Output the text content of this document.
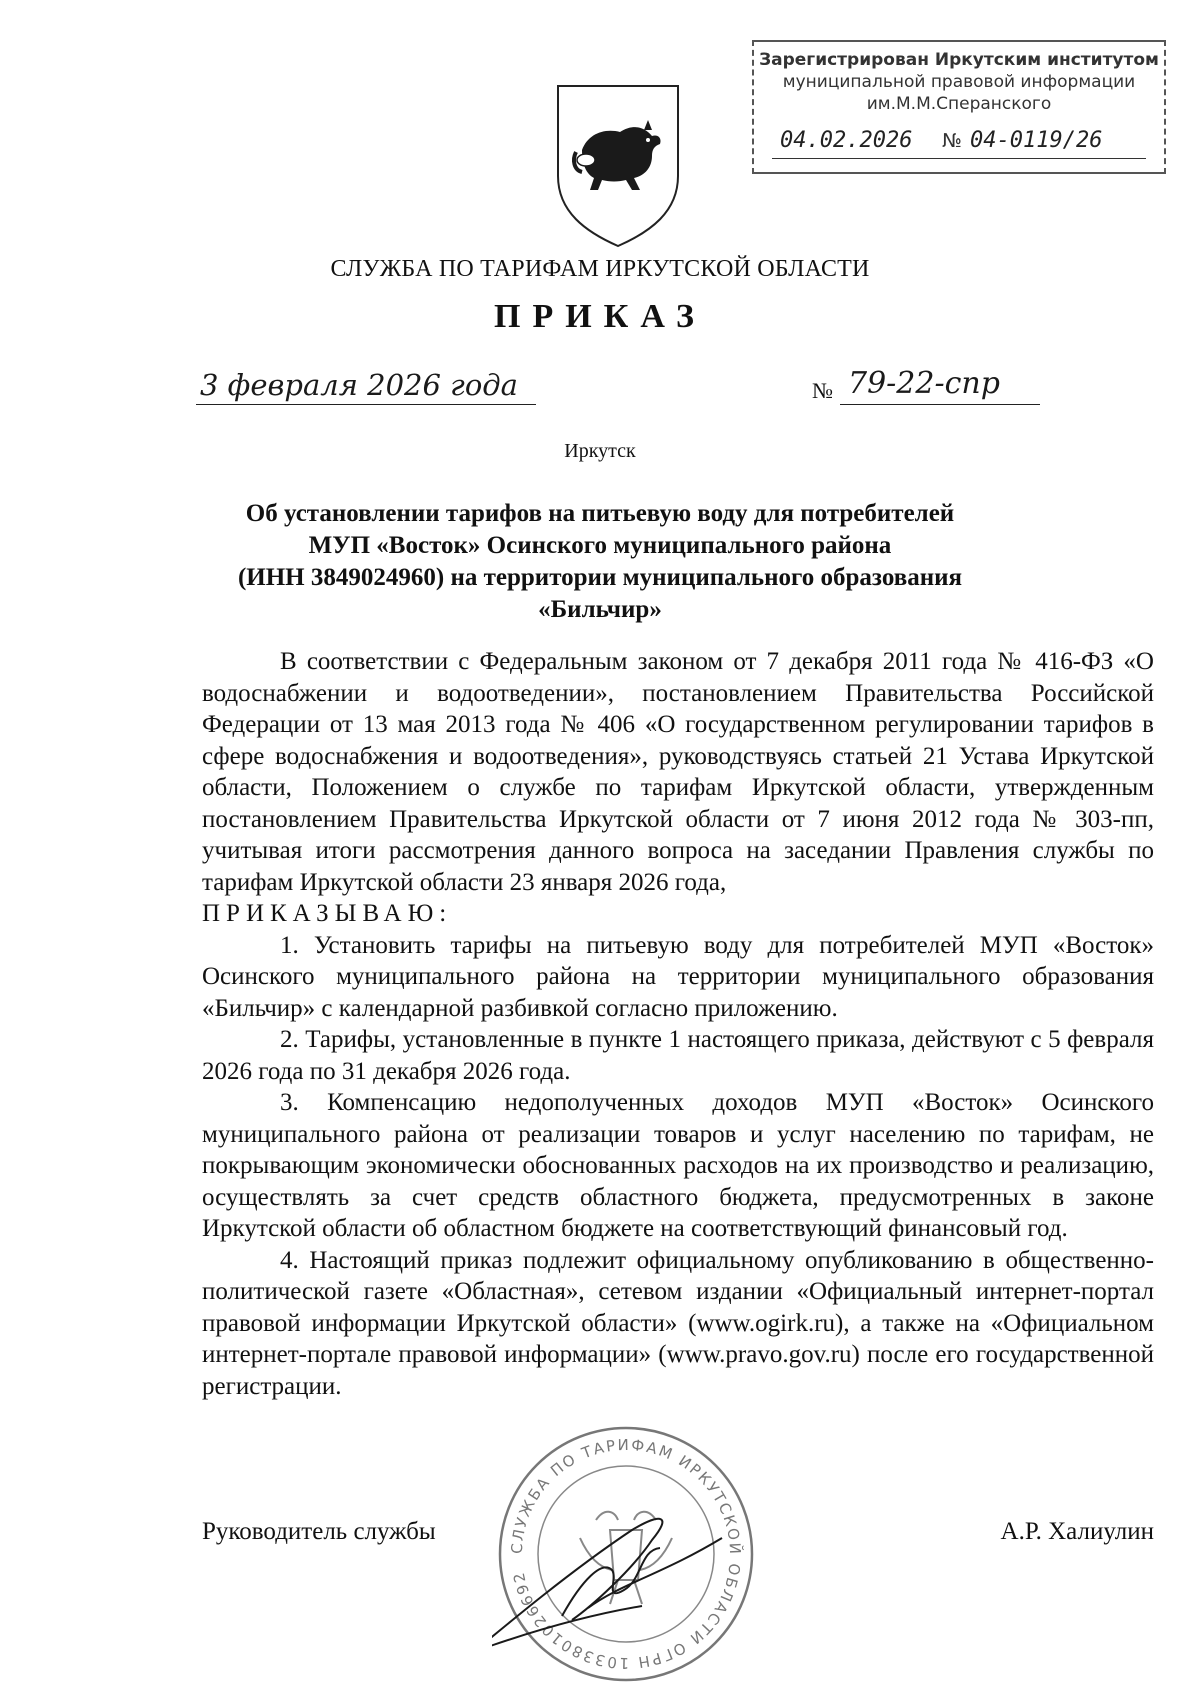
Зарегистрирован Иркутским институтом
муниципальной правовой информации
им.М.М.Сперанского
04.02.2026 № 04-0119/26
СЛУЖБА ПО ТАРИФАМ ИРКУТСКОЙ ОБЛАСТИ
ПРИКАЗ
3 февраля 2026 года	№ 79-22-спр
Иркутск
Об установлении тарифов на питьевую воду для потребителей
МУП «Восток» Осинского муниципального района
(ИНН 3849024960) на территории муниципального образования
«Бильчир»

В соответствии с Федеральным законом от 7 декабря 2011 года № 416-ФЗ «О водоснабжении и водоотведении», постановлением Правительства Российской Федерации от 13 мая 2013 года № 406 «О государственном регулировании тарифов в сфере водоснабжения и водоотведения», руководствуясь статьей 21 Устава Иркутской области, Положением о службе по тарифам Иркутской области, утвержденным постановлением Правительства Иркутской области от 7 июня 2012 года № 303-пп, учитывая итоги рассмотрения данного вопроса на заседании Правления службы по тарифам Иркутской области 23 января 2026 года,

ПРИКАЗЫВАЮ:

1. Установить тарифы на питьевую воду для потребителей МУП «Восток» Осинского муниципального района на территории муниципального образования «Бильчир» с календарной разбивкой согласно приложению.

2. Тарифы, установленные в пункте 1 настоящего приказа, действуют с 5 февраля 2026 года по 31 декабря 2026 года.

3. Компенсацию недополученных доходов МУП «Восток» Осинского муниципального района от реализации товаров и услуг населению по тарифам, не покрывающим экономически обоснованных расходов на их производство и реализацию, осуществлять за счет средств областного бюджета, предусмотренных в законе Иркутской области об областном бюджете на соответствующий финансовый год.

4. Настоящий приказ подлежит официальному опубликованию в общественно-политической газете «Областная», сетевом издании «Официальный интернет-портал правовой информации Иркутской области» (www.ogirk.ru), а также на «Официальном интернет-портале правовой информации» (www.pravo.gov.ru) после его государственной регистрации.

Руководитель службы	А.Р. Халиулин
СЛУЖБА ПО ТАРИФАМ ИРКУТСКОЙ ОБЛАСТИ ОГРН 1033801026692
